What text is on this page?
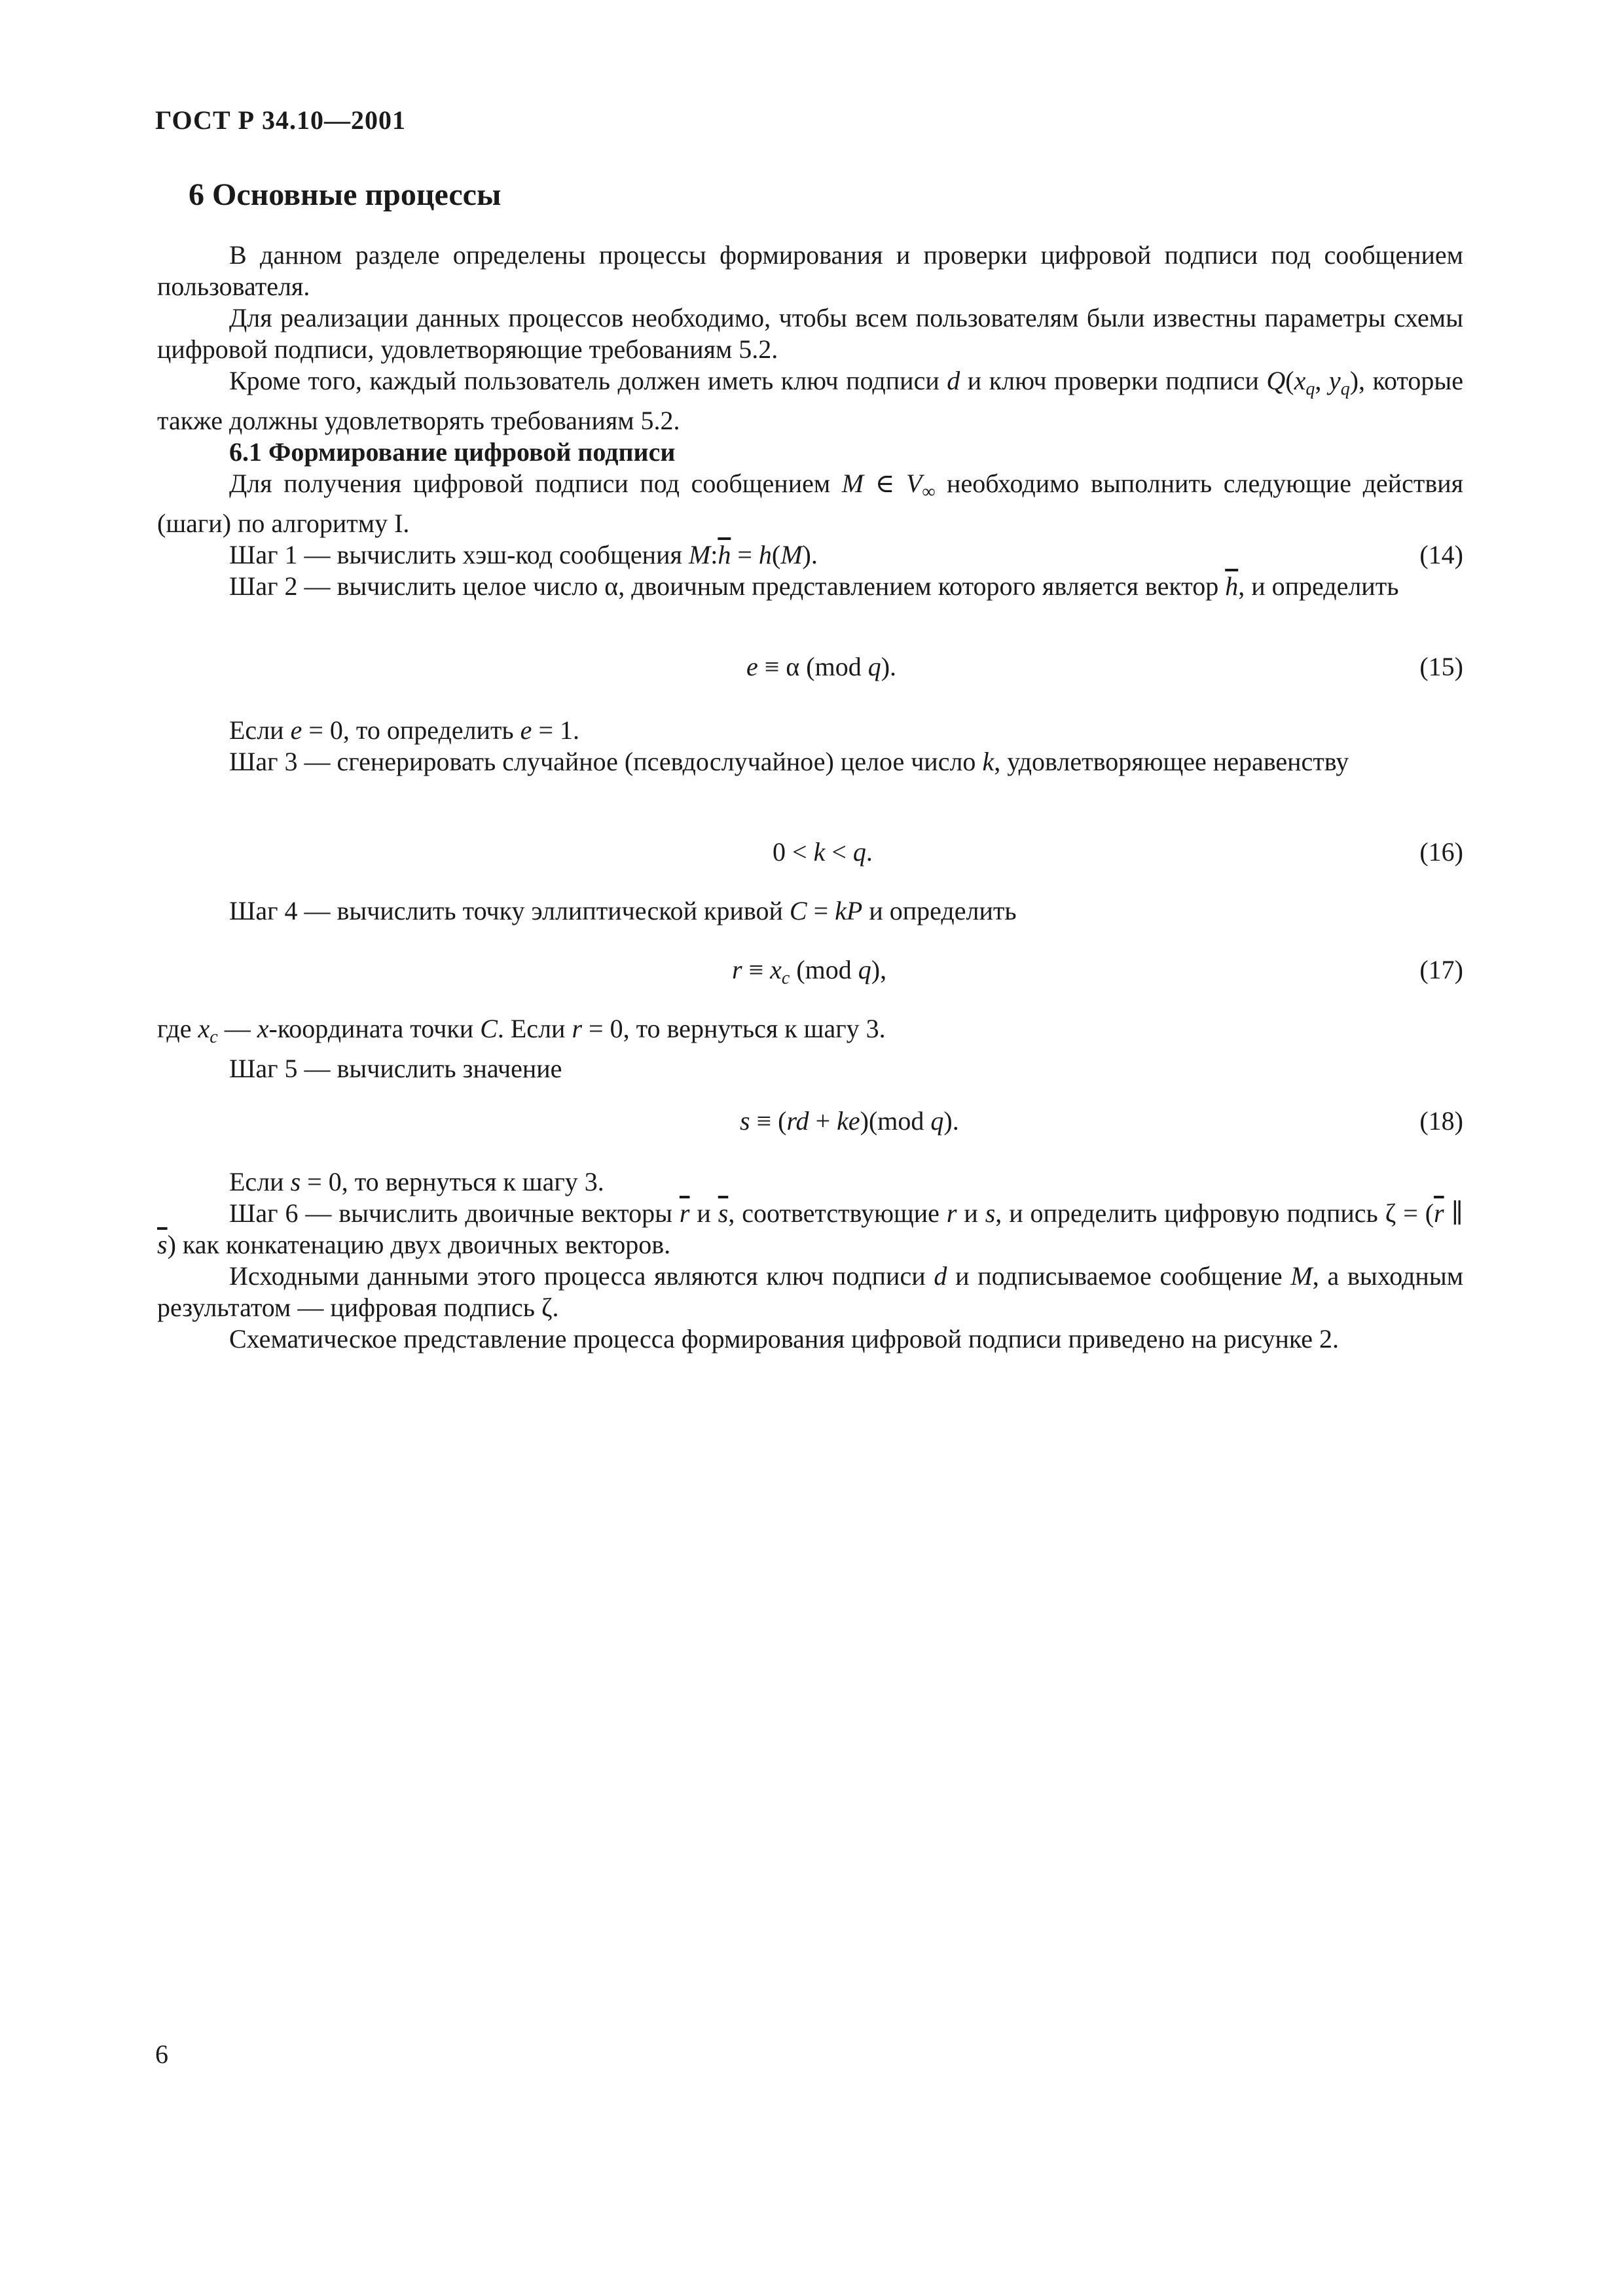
ГОСТ Р 34.10—2001
6 Основные процессы

В данном разделе определены процессы формирования и проверки цифровой подписи под сообщением пользователя.

Для реализации данных процессов необходимо, чтобы всем пользователям были известны параметры схемы цифровой подписи, удовлетворяющие требованиям 5.2.

Кроме того, каждый пользователь должен иметь ключ подписи d и ключ проверки подписи $Q(x_q$, $y_q$), которые также должны удовлетворять требованиям 5.2.

6.1 Формирование цифровой подписи

Для получения цифровой подписи под сообщением M ∈ $V_\infty$ необходимо выполнить следующие действия (шаги) по алгоритму I.

Шаг 1 — вычислить хэш-код сообщения $M:\overline{h} = h(M)$.	(14)

Шаг 2 — вычислить целое число α, двоичным представлением которого является вектор $\overline{h}$, и определить

e ≡ α (mod q).	(15)

Если e = 0, то определить e = 1.

Шаг 3 — сгенерировать случайное (псевдослучайное) целое число k, удовлетворяющее неравенству

0 < k < q.	(16)

Шаг 4 — вычислить точку эллиптической кривой C = kP и определить

$r \equiv x_c$ (mod q),	(17)

где $x_c$ — x-координата точки C. Если r = 0, то вернуться к шагу 3.

Шаг 5 — вычислить значение

s ≡ (rd + ke)(mod q).	(18)

Если s = 0, то вернуться к шагу 3.

Шаг 6 — вычислить двоичные векторы $\overline{r}$ и $\overline{s}$, соответствующие r и s, и определить цифровую подпись $\zeta = (\overline{r}$ ∥ $\overline{s}$) как конкатенацию двух двоичных векторов.

Исходными данными этого процесса являются ключ подписи d и подписываемое сообщение M, а выходным результатом — цифровая подпись ζ.

Схематическое представление процесса формирования цифровой подписи приведено на рисунке 2.

6
